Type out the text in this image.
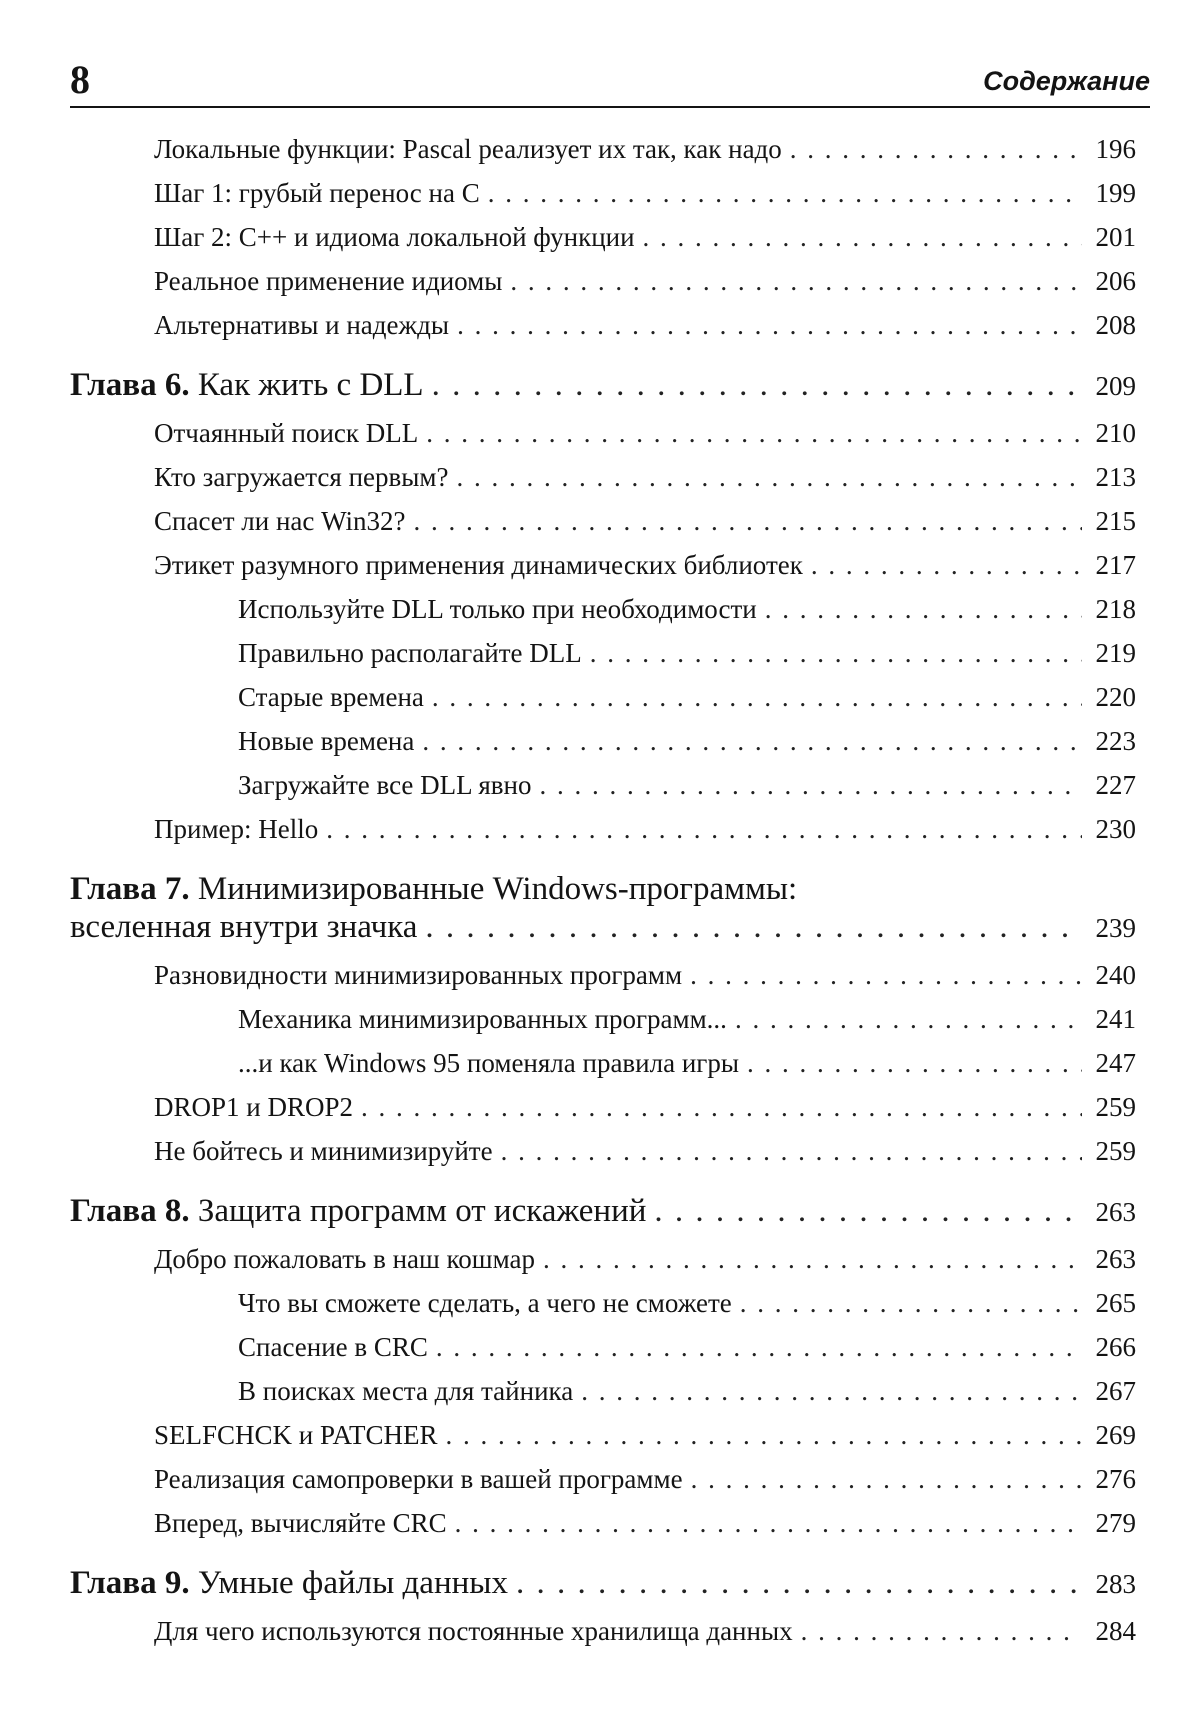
8	Содержание
Локальные функции: Pascal реализует их так, как надо . . .	196
Шаг 1: грубый перенос на C . . .	199
Шаг 2: C++ и идиома локальной функции . . .	201
Реальное применение идиомы . . .	206
Альтернативы и надежды . . .	208
Глава 6. Как жить с DLL . . .	209
Отчаянный поиск DLL . . .	210
Кто загружается первым? . . .	213
Спасет ли нас Win32? . . .	215
Этикет разумного применения динамических библиотек . . .	217
Используйте DLL только при необходимости . . .	218
Правильно располагайте DLL . . .	219
Старые времена . . .	220
Новые времена . . .	223
Загружайте все DLL явно . . .	227
Пример: Hello . . .	230
Глава 7. Минимизированные Windows-программы:
вселенная внутри значка . . .	239
Разновидности минимизированных программ . . .	240
Механика минимизированных программ... . . .	241
...и как Windows 95 поменяла правила игры . . .	247
DROP1 и DROP2 . . .	259
Не бойтесь и минимизируйте . . .	259
Глава 8. Защита программ от искажений . . .	263
Добро пожаловать в наш кошмар . . .	263
Что вы сможете сделать, а чего не сможете . . .	265
Спасение в CRC . . .	266
В поисках места для тайника . . .	267
SELFCHCK и PATCHER . . .	269
Реализация самопроверки в вашей программе . . .	276
Вперед, вычисляйте CRC . . .	279
Глава 9. Умные файлы данных . . .	283
Для чего используются постоянные хранилища данных . . .	284
